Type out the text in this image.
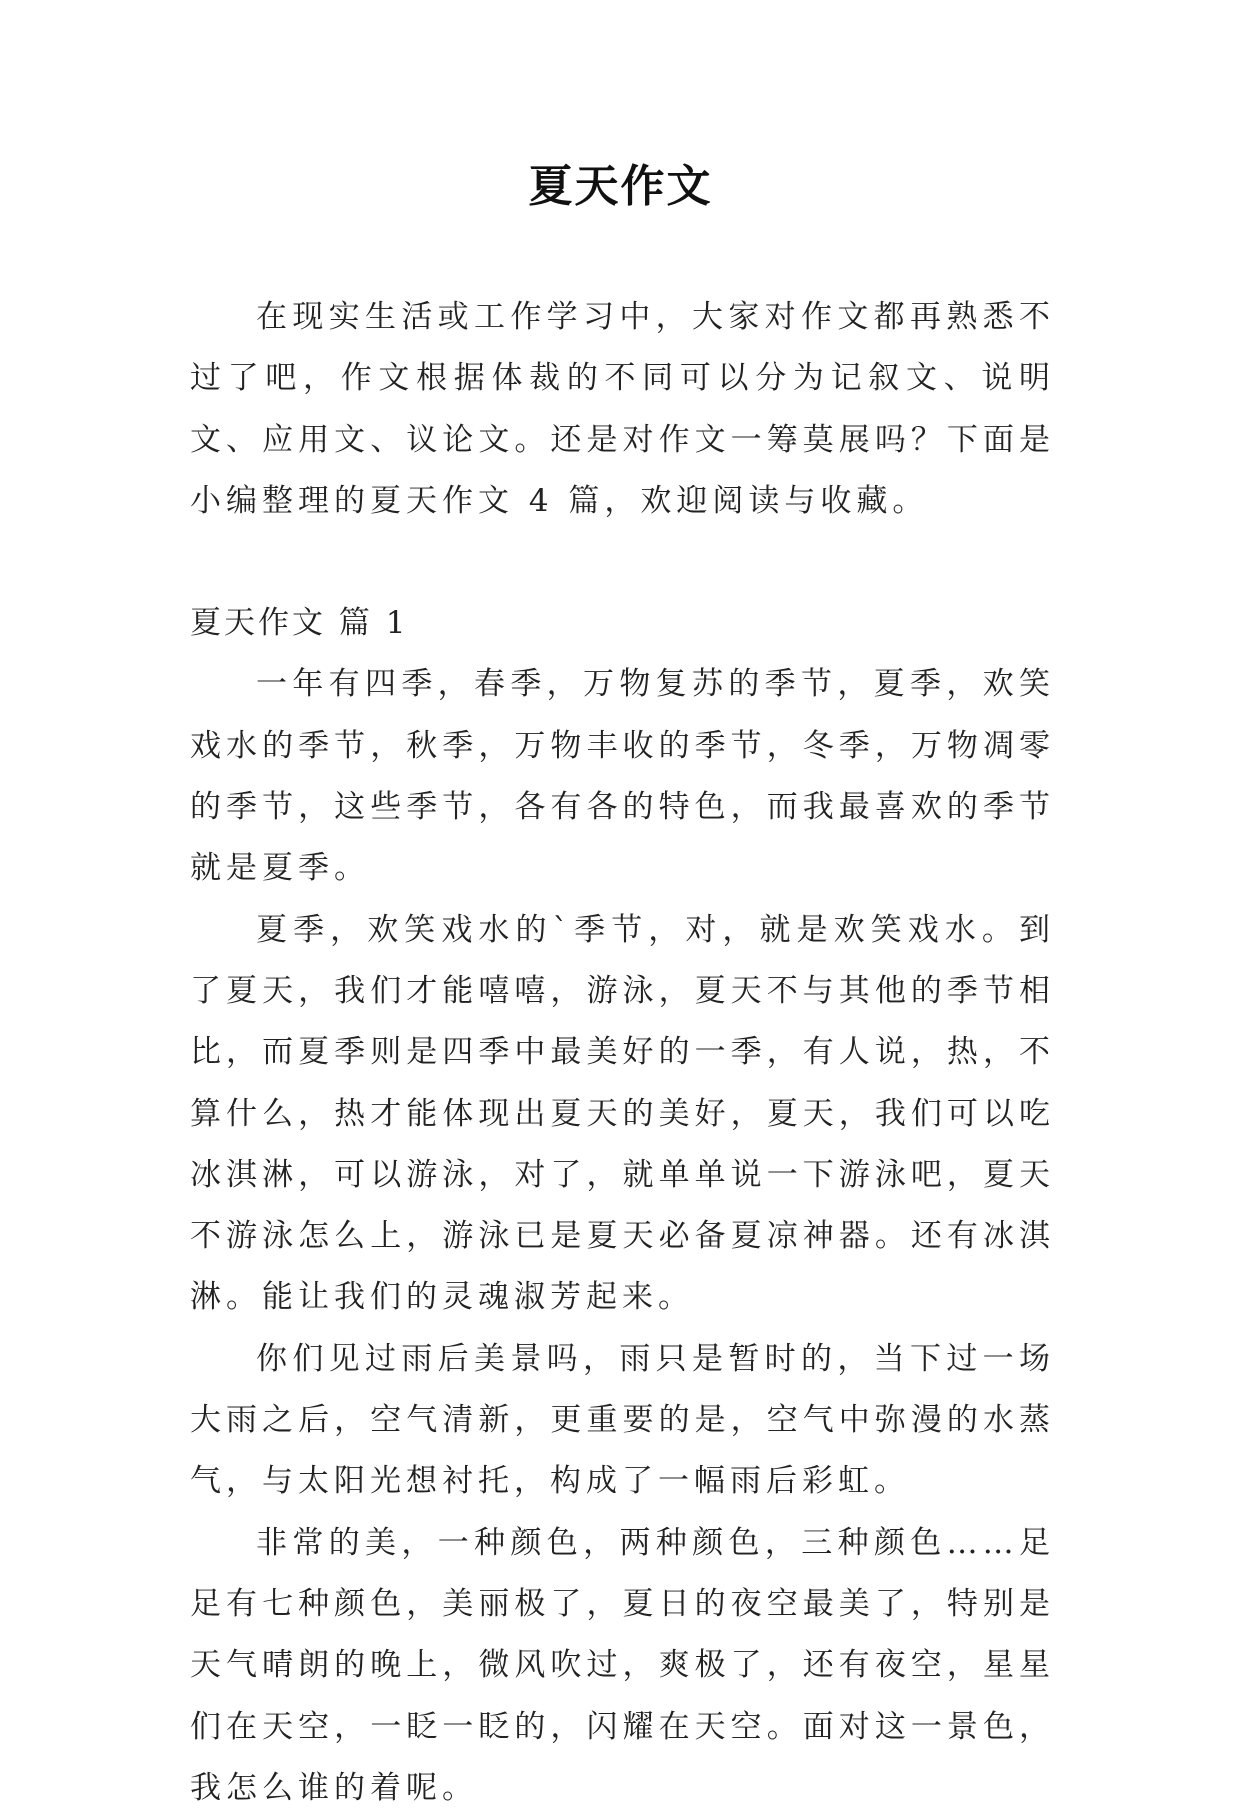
夏天作文

在现实生活或工作学习中，大家对作文都再熟悉不过了吧，作文根据体裁的不同可以分为记叙文、说明文、应用文、议论文。还是对作文一筹莫展吗？下面是小编整理的夏天作文 4 篇，欢迎阅读与收藏。

夏天作文 篇 1

一年有四季，春季，万物复苏的季节，夏季，欢笑戏水的季节，秋季，万物丰收的季节，冬季，万物凋零的季节，这些季节，各有各的特色，而我最喜欢的季节就是夏季。

夏季，欢笑戏水的`季节，对，就是欢笑戏水。到了夏天，我们才能嘻嘻，游泳，夏天不与其他的季节相比，而夏季则是四季中最美好的一季，有人说，热，不算什么，热才能体现出夏天的美好，夏天，我们可以吃冰淇淋，可以游泳，对了，就单单说一下游泳吧，夏天不游泳怎么上，游泳已是夏天必备夏凉神器。还有冰淇淋。能让我们的灵魂淑芳起来。

你们见过雨后美景吗，雨只是暂时的，当下过一场大雨之后，空气清新，更重要的是，空气中弥漫的水蒸气，与太阳光想衬托，构成了一幅雨后彩虹。

非常的美，一种颜色，两种颜色，三种颜色……足足有七种颜色，美丽极了，夏日的夜空最美了，特别是天气晴朗的晚上，微风吹过，爽极了，还有夜空，星星们在天空，一眨一眨的，闪耀在天空。面对这一景色，我怎么谁的着呢。
